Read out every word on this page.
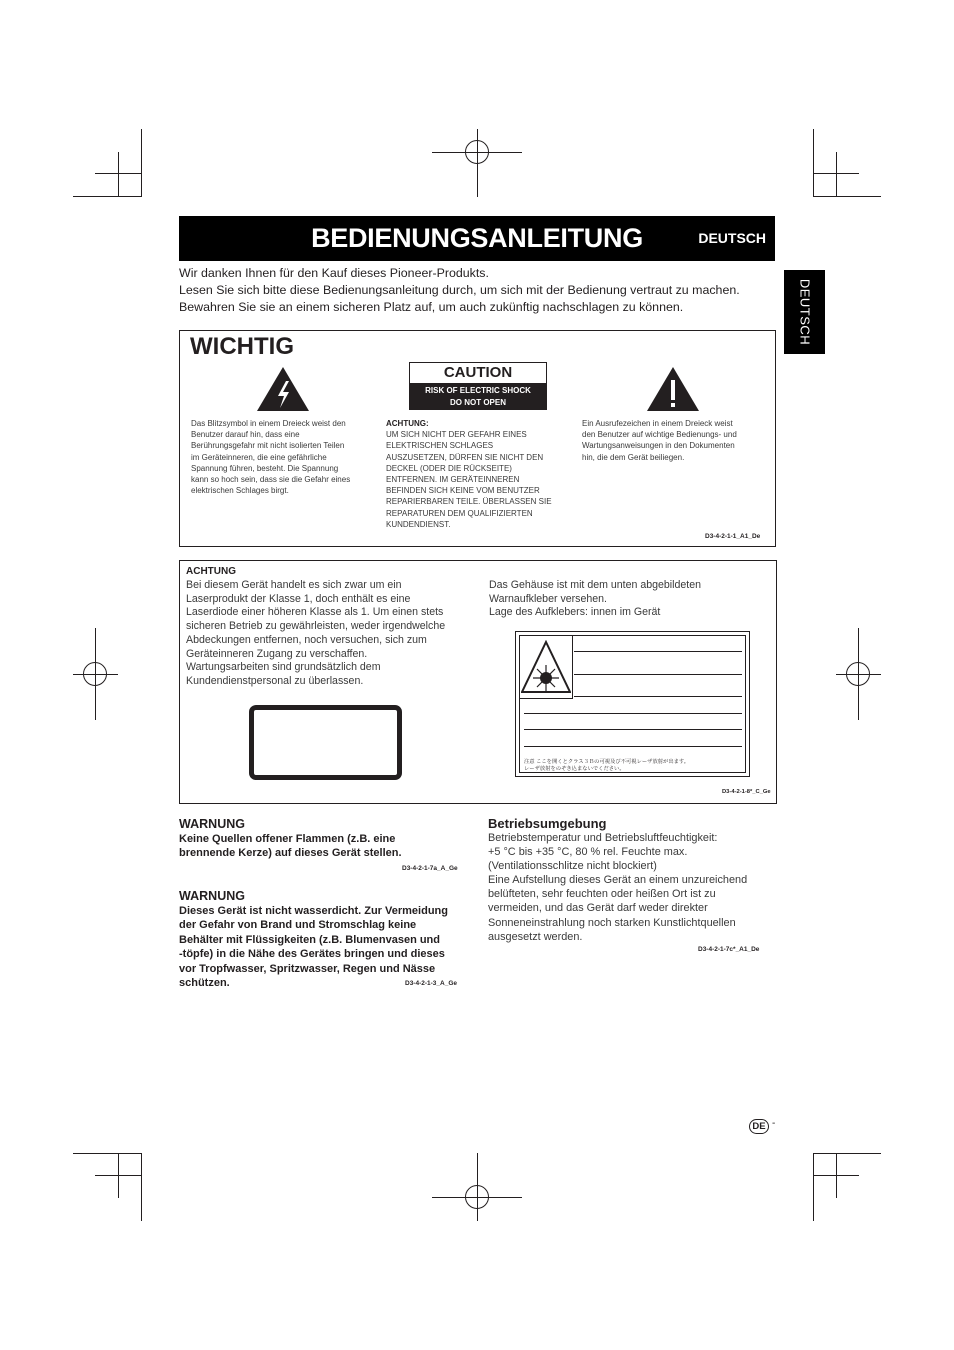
BEDIENUNGSANLEITUNG	DEUTSCH
DEUTSCH
Wir danken Ihnen für den Kauf dieses Pioneer-Produkts.
Lesen Sie sich bitte diese Bedienungsanleitung durch, um sich mit der Bedienung vertraut zu machen.
Bewahren Sie sie an einem sicheren Platz auf, um auch zukünftig nachschlagen zu können.
WICHTIG
Das Blitzsymbol in einem Dreieck weist den
Benutzer darauf hin, dass eine
Berührungsgefahr mit nicht isolierten Teilen
im Geräteinneren, die eine gefährliche
Spannung führen, besteht. Die Spannung
kann so hoch sein, dass sie die Gefahr eines
elektrischen Schlages birgt.
CAUTION
RISK OF ELECTRIC SHOCK
DO NOT OPEN
ACHTUNG:
UM SICH NICHT DER GEFAHR EINES
ELEKTRISCHEN SCHLAGES
AUSZUSETZEN, DÜRFEN SIE NICHT DEN
DECKEL (ODER DIE RÜCKSEITE)
ENTFERNEN. IM GERÄTEINNEREN
BEFINDEN SICH KEINE VOM BENUTZER
REPARIERBAREN TEILE. ÜBERLASSEN SIE
REPARATUREN DEM QUALIFIZIERTEN
KUNDENDIENST.
Ein Ausrufezeichen in einem Dreieck weist
den Benutzer auf wichtige Bedienungs- und
Wartungsanweisungen in den Dokumenten
hin, die dem Gerät beiliegen.
D3-4-2-1-1_A1_De
ACHTUNG
Bei diesem Gerät handelt es sich zwar um ein
Laserprodukt der Klasse 1, doch enthält es eine
Laserdiode einer höheren Klasse als 1. Um einen stets
sicheren Betrieb zu gewährleisten, weder irgendwelche
Abdeckungen entfernen, noch versuchen, sich zum
Geräteinneren Zugang zu verschaffen.
Wartungsarbeiten sind grundsätzlich dem
Kundendienstpersonal zu überlassen.
Das Gehäuse ist mit dem unten abgebildeten
Warnaufkleber versehen.
Lage des Aufklebers: innen im Gerät
注意 ここを開くとクラス３Ｂの可視及び不可視レーザ放射が出ます。
レーザ放射をのぞき込まないでください。
D3-4-2-1-8*_C_Ge
WARNUNG
Keine Quellen offener Flammen (z.B. eine
brennende Kerze) auf dieses Gerät stellen.
D3-4-2-1-7a_A_Ge
WARNUNG
Dieses Gerät ist nicht wasserdicht. Zur Vermeidung
der Gefahr von Brand und Stromschlag keine
Behälter mit Flüssigkeiten (z.B. Blumenvasen und
-töpfe) in die Nähe des Gerätes bringen und dieses
vor Tropfwasser, Spritzwasser, Regen und Nässe
schützen.	D3-4-2-1-3_A_Ge
Betriebsumgebung
Betriebstemperatur und Betriebsluftfeuchtigkeit:
+5 °C bis +35 °C, 80 % rel. Feuchte max.
(Ventilationsschlitze nicht blockiert)
Eine Aufstellung dieses Gerät an einem unzureichend
belüfteten, sehr feuchten oder heißen Ort ist zu
vermeiden, und das Gerät darf weder direkter
Sonneneinstrahlung noch starken Kunstlichtquellen
ausgesetzt werden.
D3-4-2-1-7c*_A1_De
DE -
